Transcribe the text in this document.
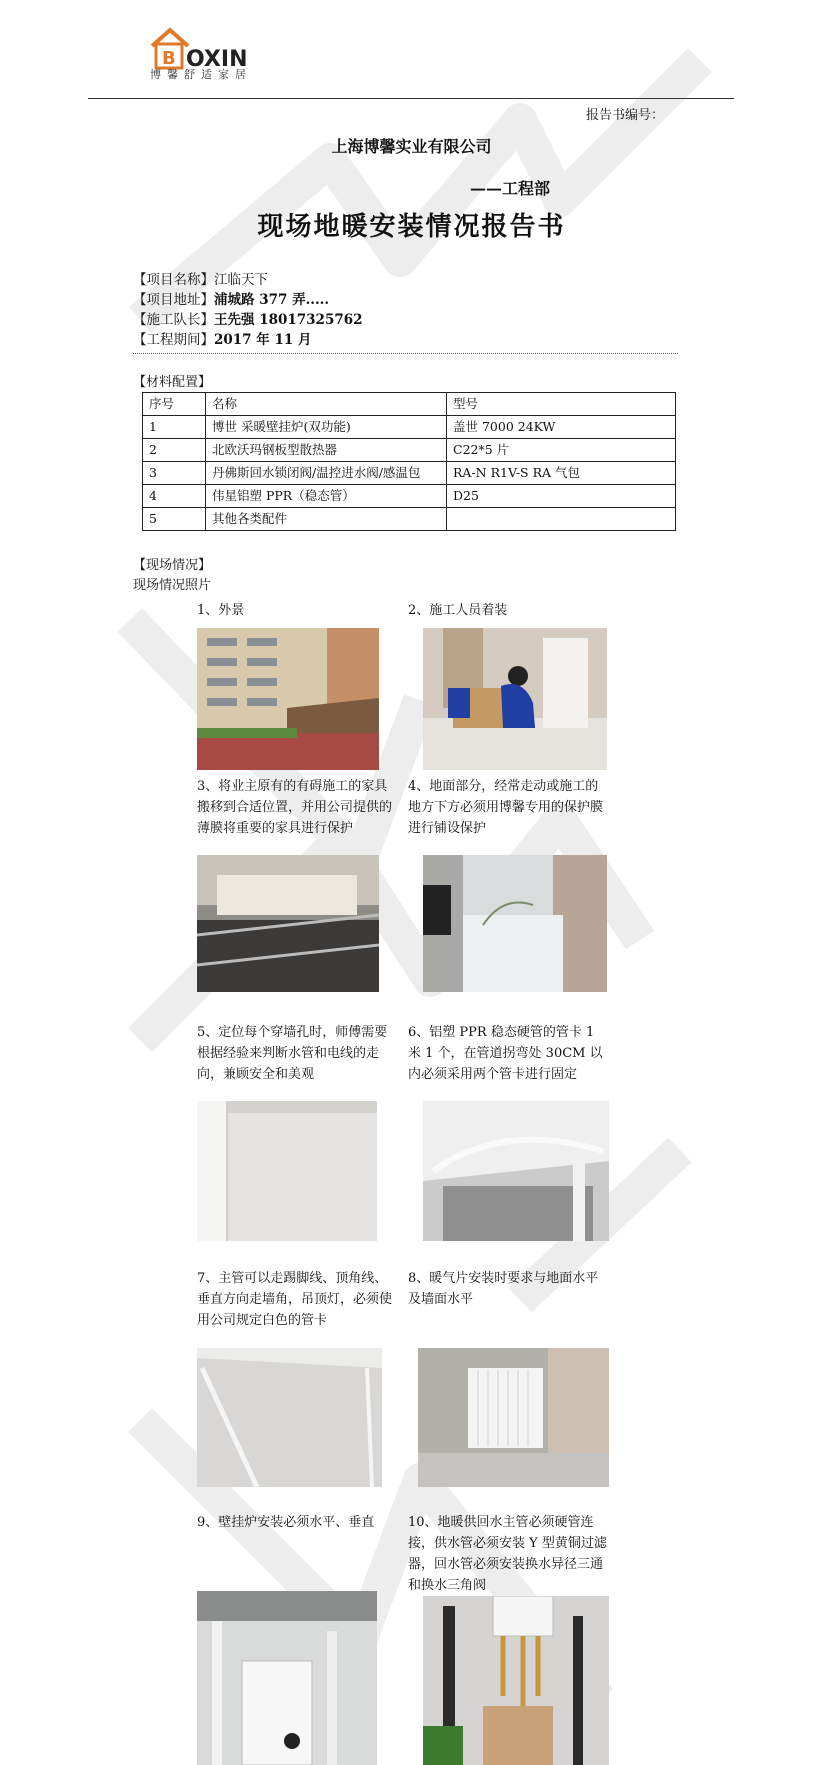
B OXIN
博馨舒适家居
报告书编号：
上海博馨实业有限公司
——工程部
现场地暖安装情况报告书
【项目名称】江临天下
【项目地址】浦城路 377 弄.....
【施工队长】王先强 18017325762
【工程期间】2017 年 11 月
【材料配置】
序号	名称	型号
1	博世 采暖壁挂炉(双功能)	盖世 7000 24KW
2	北欧沃玛钢板型散热器	C22*5 片
3	丹佛斯回水锁闭阀/温控进水阀/感温包	RA-N R1V-S RA 气包
4	伟星铝塑 PPR（稳态管）	D25
5	其他各类配件	
【现场情况】
现场情况照片
1、外景	2、施工人员着装
3、将业主原有的有碍施工的家具搬移到合适位置，并用公司提供的薄膜将重要的家具进行保护
4、地面部分，经常走动或施工的地方下方必须用博馨专用的保护膜进行铺设保护
5、定位每个穿墙孔时，师傅需要根据经验来判断水管和电线的走向，兼顾安全和美观
6、铝塑 PPR 稳态硬管的管卡 1 米 1 个，在管道拐弯处 30CM 以内必须采用两个管卡进行固定
7、主管可以走踢脚线、顶角线、垂直方向走墙角，吊顶灯，必须使用公司规定白色的管卡
8、暖气片安装时要求与地面水平及墙面水平
9、壁挂炉安装必须水平、垂直	10、地暖供回水主管必须硬管连接，供水管必须安装 Y 型黄铜过滤器，回水管必须安装换水异径三通和换水三角阀
